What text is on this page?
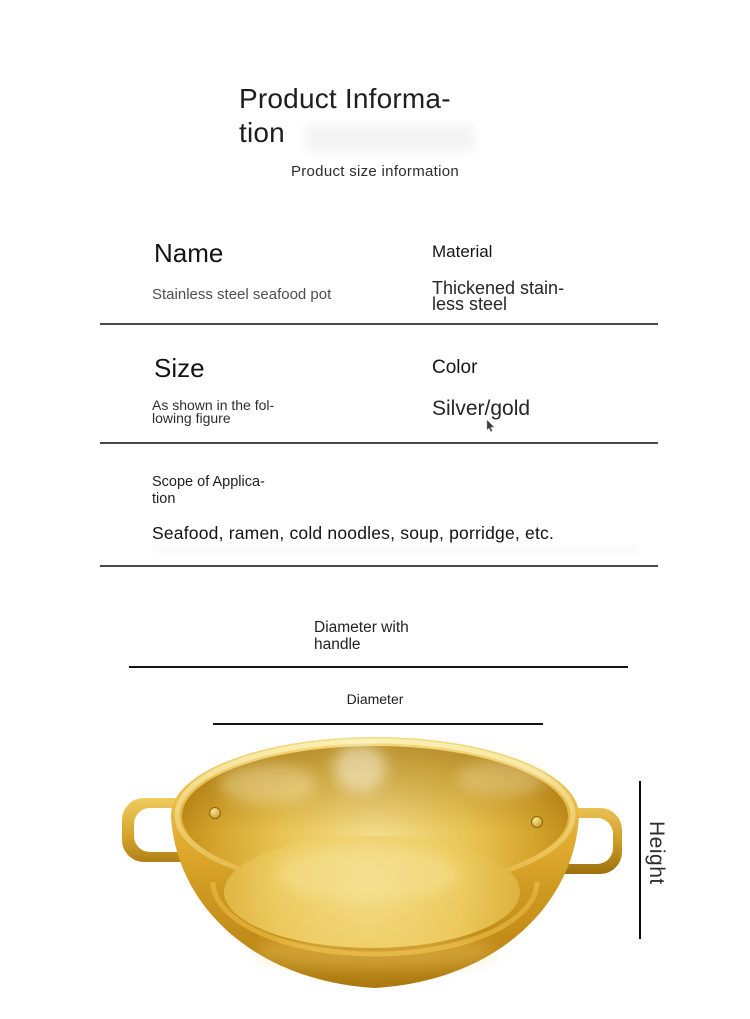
Product Informa-
tion
Product size information
Name
Stainless steel seafood pot
Material
Thickened stain-
less steel
Size
As shown in the fol-
lowing figure
Color
Silver/gold
Scope of Applica-
tion
Seafood, ramen, cold noodles, soup, porridge, etc.
Diameter with
handle
Diameter
Height
